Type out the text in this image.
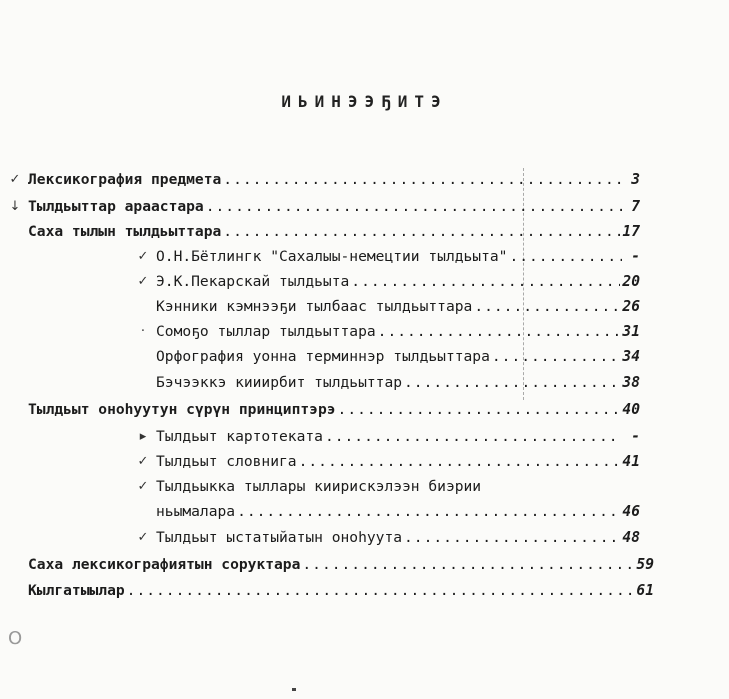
ИЬИНЭЭҔИТЭ
✓ Лексикография предмета .....	3
↓ Тылдьыттар араастара .....	7
Саха тылын тылдьыттара .....	17
✓ О.Н.Бётлингк "Сахалыы-немецтии тылдьыта" .....	-
✓ Э.К.Пекарскай тылдьыта .....	20
Кэнники кэмнээҕи тылбаас тылдьыттара .....	26
· Сомоҕо тыллар тылдьыттара .....	31
Орфография уонна терминнэр тылдьыттара .....	34
Бэчээккэ кииирбит тылдьыттар .....	38
Тылдьыт оноһуутун сүрүн принциптэрэ .....	40
▸ Тылдьыт картотеката .....	-
✓ Тылдьыт словнига .....	41
✓ Тылдьыкка тыллары киирискэлээн биэрии
ньымалара .....	46
✓ Тылдьыт ыстатыйатын оноһуута .....	48
Саха лексикографиятын соруктара .....	59
Кылгатыылар .....	61
O
